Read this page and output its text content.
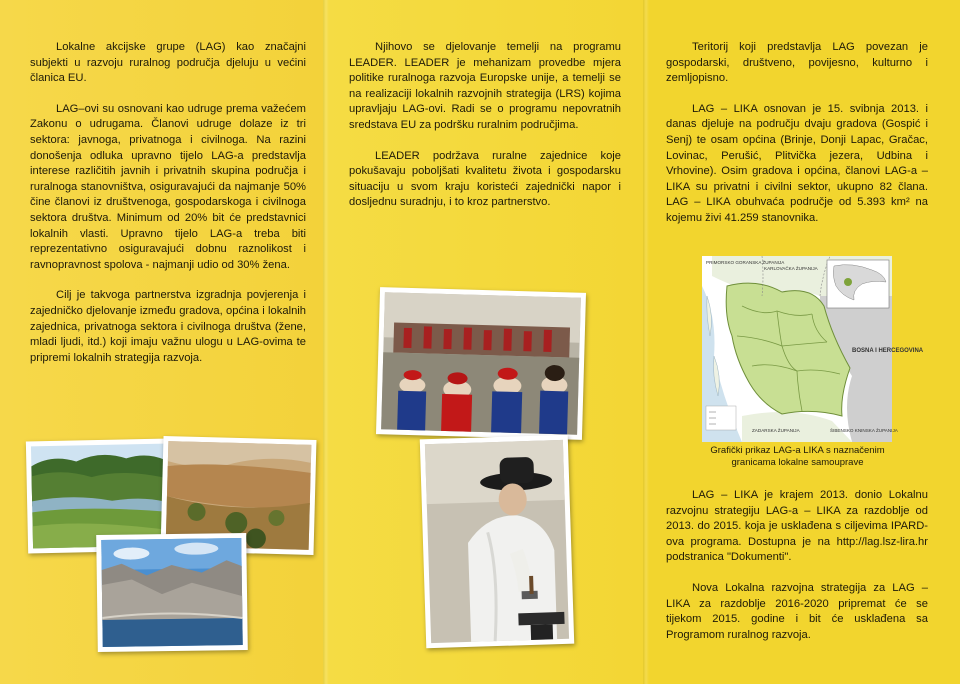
Lokalne akcijske grupe (LAG) kao značajni subjekti u razvoju ruralnog područja djeluju u većini članica EU.

LAG–ovi su osnovani kao udruge prema važećem Zakonu o udrugama. Članovi udruge dolaze iz tri sektora: javnoga, privatnoga i civilnoga. Na razini donošenja odluka upravno tijelo LAG-a predstavlja interese različitih javnih i privatnih skupina područja i ruralnoga stanovništva, osiguravajući da najmanje 50% čine članovi iz društvenoga, gospodarskoga i civilnoga sektora društva. Minimum od 20% bit će predstavnici lokalnih vlasti. Upravno tijelo LAG-a treba biti reprezentativno osiguravajući dobnu raznolikost i ravnopravnost spolova - najmanji udio od 30% žena.

Cilj je takvoga partnerstva izgradnja povjerenja i zajedničko djelovanje između gradova, općina i lokalnih zajednica, privatnoga sektora i civilnoga društva (žene, mladi ljudi, itd.) koji imaju važnu ulogu u LAG-ovima te pripremi lokalnih strategija razvoja.

Njihovo se djelovanje temelji na programu LEADER. LEADER je mehanizam provedbe mjera politike ruralnoga razvoja Europske unije, a temelji se na realizaciji lokalnih razvojnih strategija (LRS) kojima upravljaju LAG-ovi. Radi se o programu nepovratnih sredstava EU za podršku ruralnim područjima.

LEADER podržava ruralne zajednice koje pokušavaju poboljšati kvalitetu života i gospodarsku situaciju u svom kraju koristeći zajednički napor i dosljednu suradnju, i to kroz partnerstvo.

Teritorij koji predstavlja LAG povezan je gospodarski, društveno, povijesno, kulturno i zemljopisno.

LAG – LIKA osnovan je 15. svibnja 2013. i danas djeluje na području dvaju gradova (Gospić i Senj) te osam općina (Brinje, Donji Lapac, Gračac, Lovinac, Perušić, Plitvička jezera, Udbina i Vrhovine). Osim gradova i općina, članovi LAG-a – LIKA su privatni i civilni sektor, ukupno 82 člana. LAG – LIKA obuhvaća područje od 5.393 km² na kojemu živi 41.259 stanovnika.

LAG – LIKA je krajem 2013. donio Lokalnu razvojnu strategiju LAG-a – LIKA za razdoblje od 2013. do 2015. koja je usklađena s ciljevima IPARD-ova programa. Dostupna je na http://lag.lsz-lira.hr podstranica "Dokumenti".

Nova Lokalna razvojna strategija za LAG – LIKA za razdoblje 2016-2020 pripremat će se tijekom 2015. godine i bit će usklađena sa Programom ruralnog razvoja.

PRIMORSKO GORANSKA ŽUPANIJA
KARLOVAČKA ŽUPANIJA
BOSNA I HERCEGOVINA
ZADARSKA ŽUPANIJA	ŠIBENSKO KNINSKA ŽUPANIJA
Grafički prikaz LAG-a LIKA s naznačenim granicama lokalne samouprave
